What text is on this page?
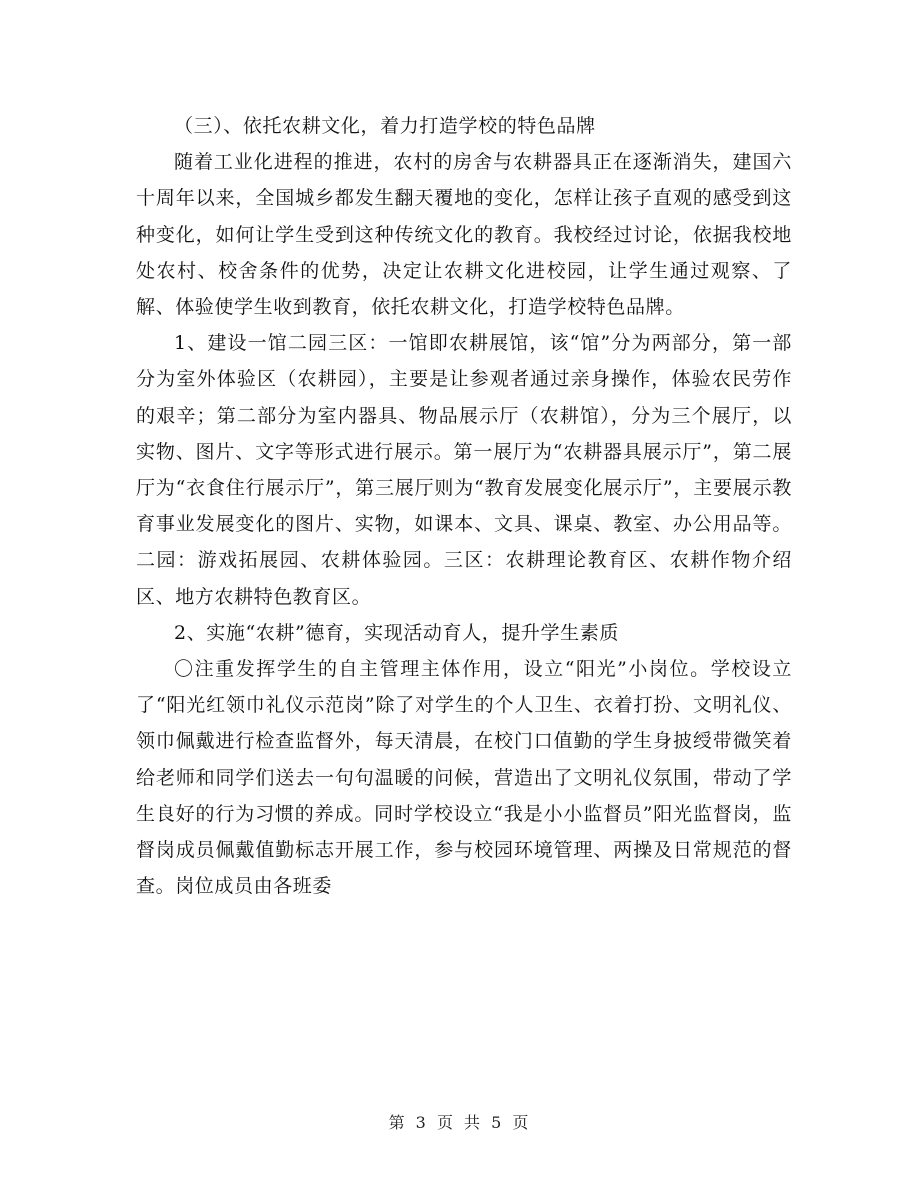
（三）、依托农耕文化，着力打造学校的特色品牌

随着工业化进程的推进，农村的房舍与农耕器具正在逐渐消失，建国六十周年以来，全国城乡都发生翻天覆地的变化，怎样让孩子直观的感受到这种变化，如何让学生受到这种传统文化的教育。我校经过讨论，依据我校地处农村、校舍条件的优势，决定让农耕文化进校园，让学生通过观察、了解、体验使学生收到教育，依托农耕文化，打造学校特色品牌。

1、建设一馆二园三区：一馆即农耕展馆，该“馆”分为两部分，第一部分为室外体验区（农耕园），主要是让参观者通过亲身操作，体验农民劳作的艰辛；第二部分为室内器具、物品展示厅（农耕馆），分为三个展厅，以实物、图片、文字等形式进行展示。第一展厅为“农耕器具展示厅”，第二展厅为“衣食住行展示厅”，第三展厅则为“教育发展变化展示厅”，主要展示教育事业发展变化的图片、实物，如课本、文具、课桌、教室、办公用品等。二园：游戏拓展园、农耕体验园。三区：农耕理论教育区、农耕作物介绍区、地方农耕特色教育区。

2、实施“农耕”德育，实现活动育人，提升学生素质

〇注重发挥学生的自主管理主体作用，设立“阳光”小岗位。学校设立了“阳光红领巾礼仪示范岗”除了对学生的个人卫生、衣着打扮、文明礼仪、领巾佩戴进行检查监督外，每天清晨，在校门口值勤的学生身披绶带微笑着给老师和同学们送去一句句温暖的问候，营造出了文明礼仪氛围，带动了学生良好的行为习惯的养成。同时学校设立“我是小小监督员”阳光监督岗，监督岗成员佩戴值勤标志开展工作，参与校园环境管理、两操及日常规范的督查。岗位成员由各班委

第 3 页 共 5 页
